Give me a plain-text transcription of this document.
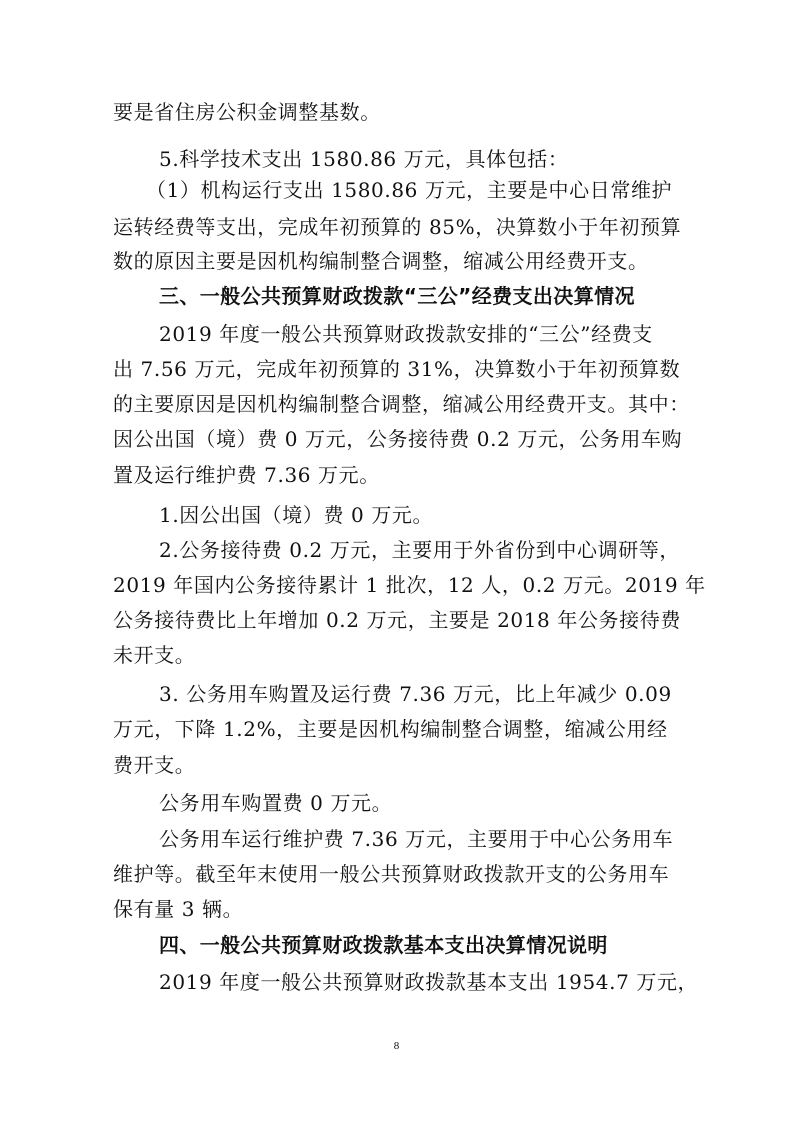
要是省住房公积金调整基数。
5.科学技术支出 1580.86 万元，具体包括：
（1）机构运行支出 1580.86 万元，主要是中心日常维护
运转经费等支出，完成年初预算的 85%，决算数小于年初预算
数的原因主要是因机构编制整合调整，缩减公用经费开支。
三、一般公共预算财政拨款“三公”经费支出决算情况
2019 年度一般公共预算财政拨款安排的“三公”经费支
出 7.56 万元，完成年初预算的 31%，决算数小于年初预算数
的主要原因是因机构编制整合调整，缩减公用经费开支。其中：
因公出国（境）费 0 万元，公务接待费 0.2 万元，公务用车购
置及运行维护费 7.36 万元。
1.因公出国（境）费 0 万元。
2.公务接待费 0.2 万元，主要用于外省份到中心调研等，
2019 年国内公务接待累计 1 批次，12 人，0.2 万元。2019 年
公务接待费比上年增加 0.2 万元，主要是 2018 年公务接待费
未开支。
3. 公务用车购置及运行费 7.36 万元，比上年减少 0.09
万元，下降 1.2%，主要是因机构编制整合调整，缩减公用经
费开支。
公务用车购置费 0 万元。
公务用车运行维护费 7.36 万元，主要用于中心公务用车
维护等。截至年末使用一般公共预算财政拨款开支的公务用车
保有量 3 辆。
四、一般公共预算财政拨款基本支出决算情况说明
2019 年度一般公共预算财政拨款基本支出 1954.7 万元，
8
